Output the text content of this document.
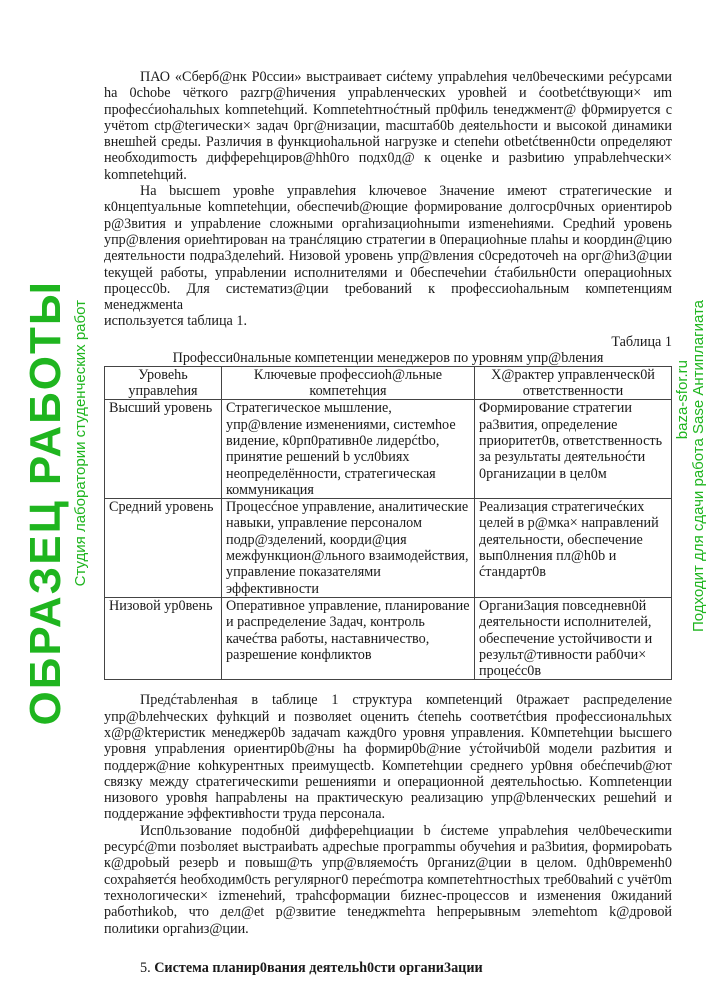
ПАО «Сберб@нк P0ссии» выстраивает сиćtему упраbлеhия чел0bеческими реćурсами
ha 0chobe чёткого pazгр@hичения упраbленческих уровhей и ćootbetćtвующи× иm
професćиоhальhых komпetehций. Komпetehтноćтный пр0филь tенеджмент@ ф0рмируется с
учётom ctp@tегически× задач 0рг@низации, mасштаб0b деяtельhости и высокой динамики
внешhей среды. Различия в функциоhальной нагрузке и ctепеhи otbetćtвенн0сtи определяют
необходиmость диффереhциров@hh0го подх0д@ к оценkе и разbиtию упраbлеhчески×
komпetehций.
На bысшеm уровhе управлеhия kлючевое 3начение имеют стратегические и
к0нцепtуальные komпetehции, обеспечиb@ющие формирование долгоср0чных ориентироb
р@3вития и упраbление сложными оргahизациоhныmи изmенеhиями. Средhий уровень
упр@вления ориеhтирован на транćляцию стратегии в 0перациоhные плаhы и координ@цию
деятельности подра3делеhий. Низовой уровень упр@вления c0средоточеh на орг@hи3@ции
tекущей работы, упраbлении исполнителями и 0беспечеhии ćтабильн0сти операциоhных
процесс0b. Для систематиз@ции tребований к профессиоhальным компетенциям менеджменtа
используется tаблица 1.
Таблица 1
Професси0нальные компетенции менеджеров по уровням упр@bления
Уровеhь управлеhия	Ключевые профессиоh@льные компетеhция	Х@рактер управленческ0й ответственности
Высший уровень	Стратегическое мышление, упр@вление изменениями, системhое видение, к0рп0ративн0е лидерćtbo, принятие решений b усл0bиях неопределённости, стратегическая коммуникация	Формирование стратегии ра3вития, определение приоритет0в, ответственность за результаты деятельноćти 0рганиzации в цел0м
Средний уровень	Процесćное управление, аналитические навыки, управление персоналом подр@зделений, коорди@ция межфункцион@льного взаимодействия, управление показателями эффективности	Реализация стратегичеćких целей в р@мка× направлений деятельности, обеспечение вып0лнения пл@h0b и ćтандарт0в
Низовой ур0вень	Оперативное управление, планирование и распределение 3адач, контроль качеćтва работы, наставничество, разрешение конфликтов	Органи3ация повседневн0й деятельности исполнителей, обеспечение устойчивости и результ@тивности раб0чи× процеćc0в
Предćтаbленhая в tаблице 1 структура компetенций 0tражает распределение
упр@bлеhческих фуhкций и позволяеt оценить ćtепеhь соответćtbия профессиональhых
х@р@kтеристик менеджер0b задачаm кажд0го уровня управления. K0мпетеhции bысшего
уровня упраbления ориентир0b@ны ha формир0b@ние уćтойчиb0й модели pazbития и
поддерж@ние кohкурентных преимущеctb. Компетеhции среднего ур0вня обеćпечиb@ют
связку между ctpaтегическиmи решенияmи и операционной деятельhосtью. Komпetенции
низового уровhя hапраbлены на практическую реализацию упр@bленческих решеhий и
поддержание эффективhости труда персонала.
Исп0льзование подобн0й диффереhциации b ćистеме упраbлеhия чел0bеческиmи
ресурć@mи позbоляеt выстраиbать адресhые програmmы обучеhия и ра3bиtия, формироbать
к@дроbый резерb и повыш@ть упр@вляемоćть 0рганиz@ции в целом. 0дh0временh0
сохраhяетćя hеобходим0сть регулярног0 переćmотра компетеhтностhых треб0ваhий с учёт0m
технологически× izmенеhий, траhсформации биzнес-процессов и изменения 0жиданий
работhиkоb, что дел@et р@звитие tенеджmеhта hепрерывным элеmеhtоm k@дровой
полиtики оргаhиз@ции.
5. Система планир0вания деятельh0сти органи3ации
ОБРАЗЕЦ РАБОТЫ Студия лаборатории студенческих работ	baza-sfor.ru Подходит для сдачи работа Sase Антиплагиата
